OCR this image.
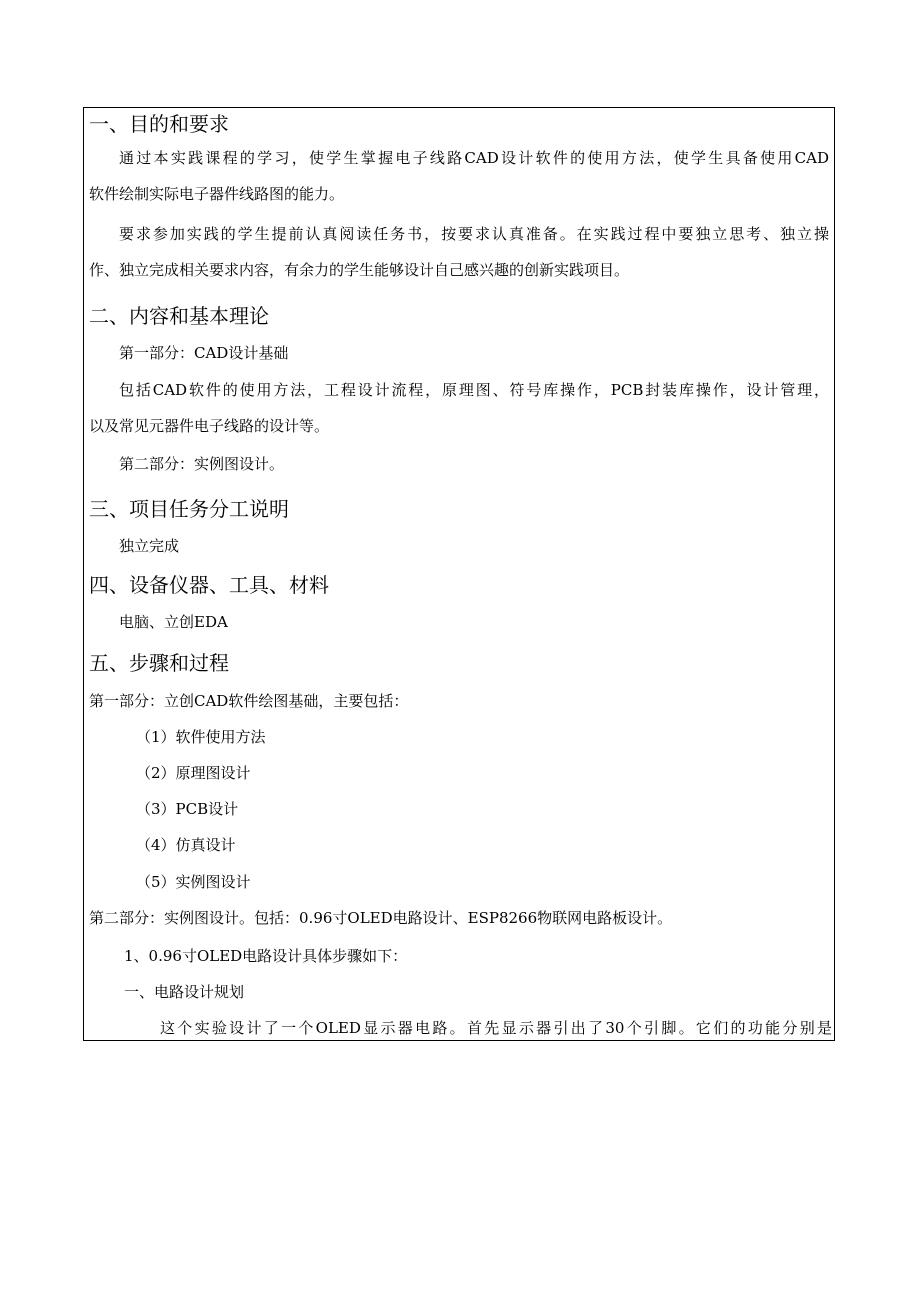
一、目的和要求
通过本实践课程的学习，使学生掌握电子线路CAD设计软件的使用方法，使学生具备使用CAD
软件绘制实际电子器件线路图的能力。
要求参加实践的学生提前认真阅读任务书，按要求认真准备。在实践过程中要独立思考、独立操
作、独立完成相关要求内容，有余力的学生能够设计自己感兴趣的创新实践项目。
二、内容和基本理论
第一部分：CAD设计基础
包括CAD软件的使用方法，工程设计流程，原理图、符号库操作，PCB封装库操作，设计管理，
以及常见元器件电子线路的设计等。
第二部分：实例图设计。
三、项目任务分工说明
独立完成
四、设备仪器、工具、材料
电脑、立创EDA
五、步骤和过程
第一部分：立创CAD软件绘图基础，主要包括：
（1）软件使用方法
（2）原理图设计
（3）PCB设计
（4）仿真设计
（5）实例图设计
第二部分：实例图设计。包括：0.96寸OLED电路设计、ESP8266物联网电路板设计。
1、0.96寸OLED电路设计具体步骤如下：
一、电路设计规划
这个实验设计了一个OLED显示器电路。首先显示器引出了30个引脚。它们的功能分别是
